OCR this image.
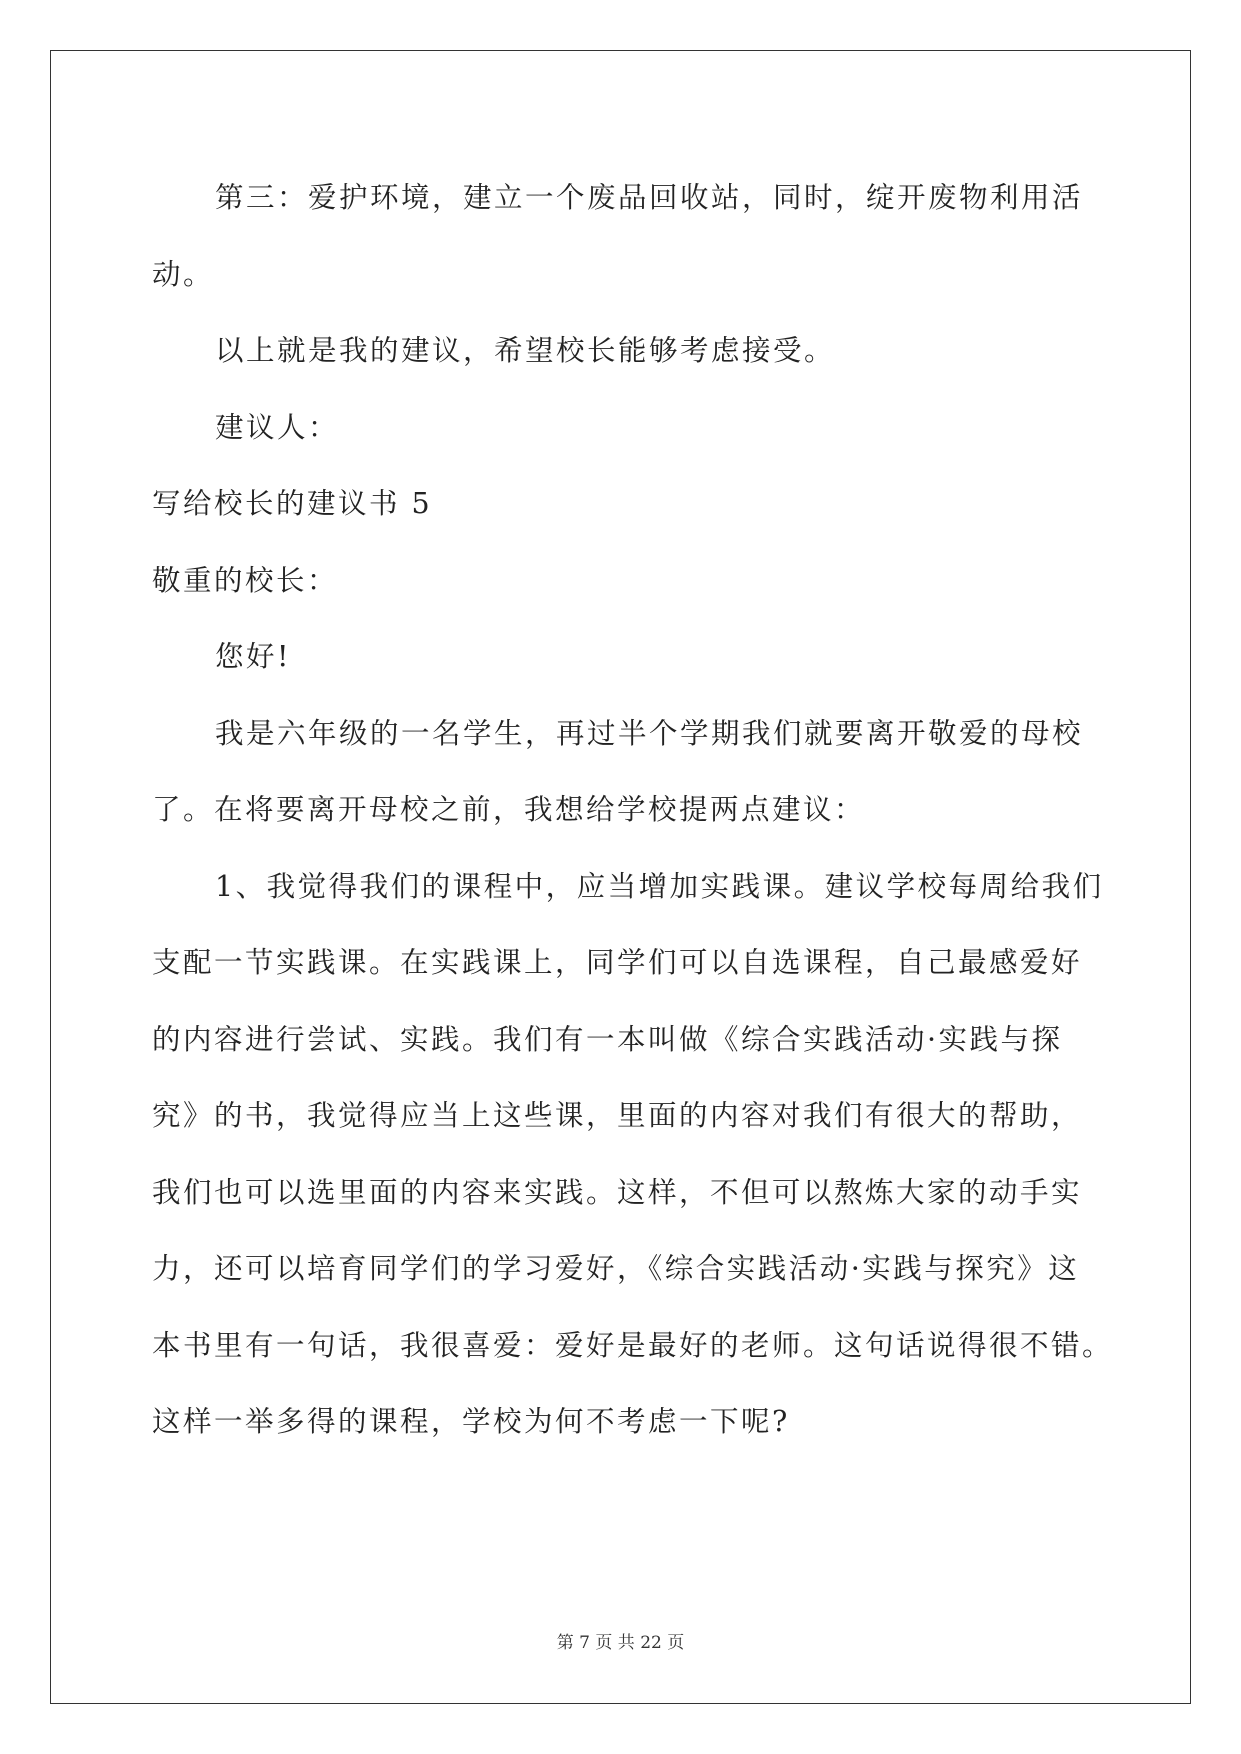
第三：爱护环境，建立一个废品回收站，同时，绽开废物利用活

动。

以上就是我的建议，希望校长能够考虑接受。

建议人：

写给校长的建议书 5

敬重的校长：

您好!

我是六年级的一名学生，再过半个学期我们就要离开敬爱的母校

了。在将要离开母校之前，我想给学校提两点建议：

1、我觉得我们的课程中，应当增加实践课。建议学校每周给我们

支配一节实践课。在实践课上，同学们可以自选课程，自己最感爱好

的内容进行尝试、实践。我们有一本叫做《综合实践活动·实践与探

究》的书，我觉得应当上这些课，里面的内容对我们有很大的帮助，

我们也可以选里面的内容来实践。这样，不但可以熬炼大家的动手实

力，还可以培育同学们的学习爱好，《综合实践活动·实践与探究》这

本书里有一句话，我很喜爱：爱好是最好的老师。这句话说得很不错。

这样一举多得的课程，学校为何不考虑一下呢?

第 7 页 共 22 页
